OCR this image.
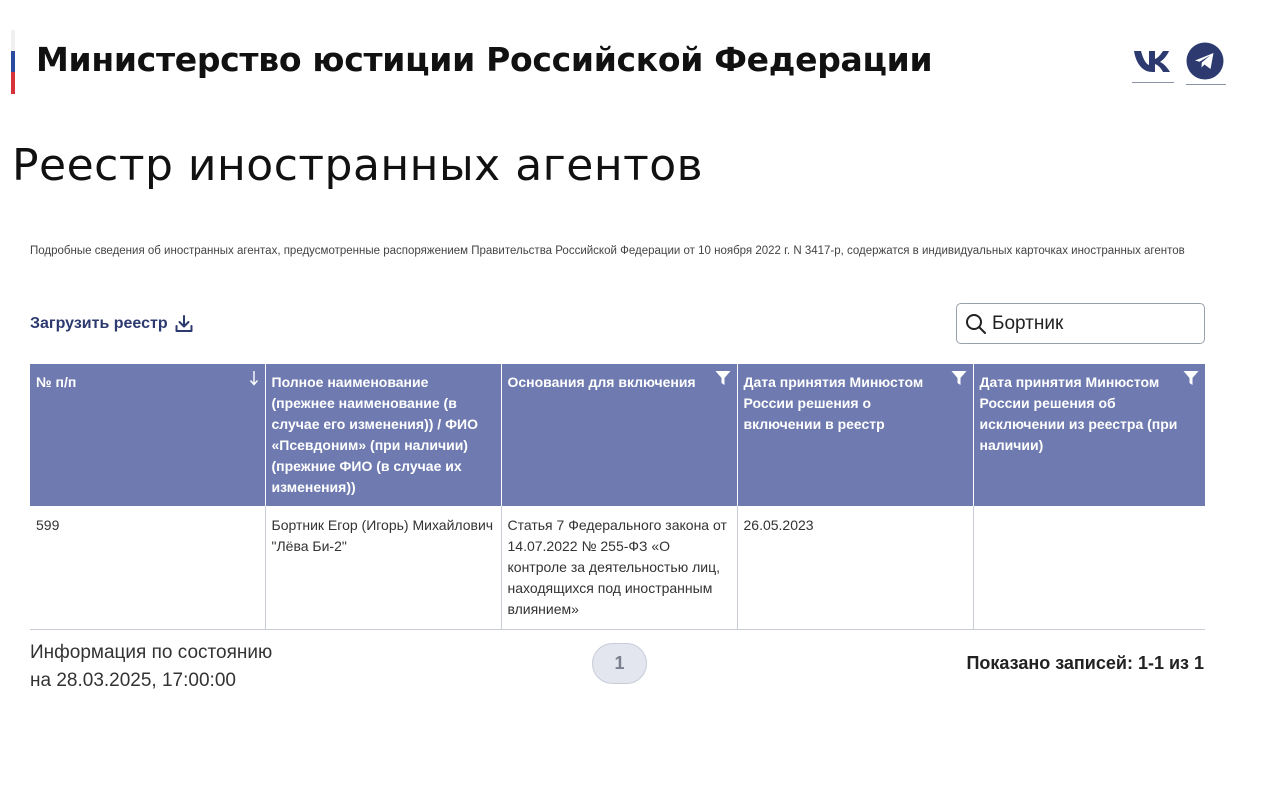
Министерство юстиции Российской Федерации
Реестр иностранных агентов

Подробные сведения об иностранных агентах, предусмотренные распоряжением Правительства Российской Федерации от 10 ноября 2022 г. N 3417-р, содержатся в индивидуальных карточках иностранных агентов

Загрузить реестр
Бортник
№ п/п	Полное наименование (прежнее наименование (в случае его изменения)) / ФИО «Псевдоним» (при наличии) (прежние ФИО (в случае их изменения))	Основания для включения	Дата принятия Минюстом России решения о включении в реестр	Дата принятия Минюстом России решения об исключении из реестра (при наличии)

599	Бортник Егор (Игорь) Михайлович "Лёва Би-2"	Статья 7 Федерального закона от 14.07.2022 № 255-ФЗ «О контроле за деятельностью лиц, находящихся под иностранным влиянием»	26.05.2023	
Информация по состоянию
на 28.03.2025, 17:00:00
1	Показано записей: 1-1 из 1
